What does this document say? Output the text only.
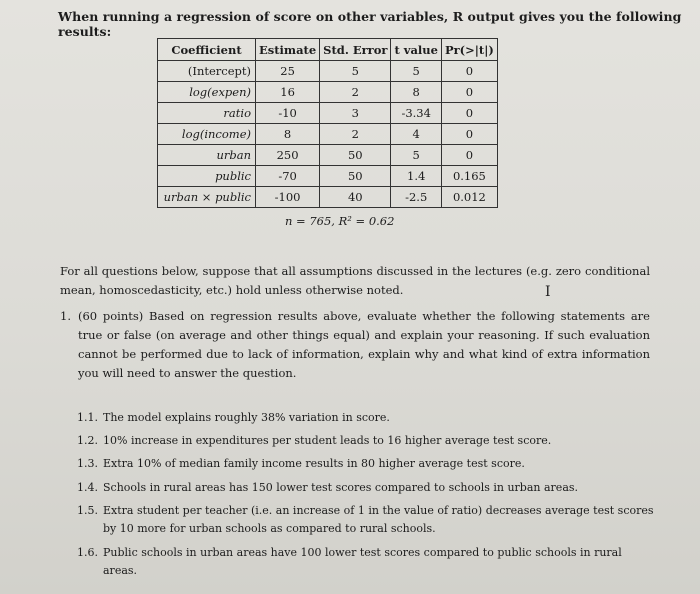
When running a regression of score on other variables, R output gives you the following results:
Coefficient	Estimate	Std. Error	t value	Pr(>|t|)
(Intercept)	25	5	5	0
log(expen)	16	2	8	0
ratio	-10	3	-3.34	0
log(income)	8	2	4	0
urban	250	50	5	0
public	-70	50	1.4	0.165
urban × public	-100	40	-2.5	0.012
n = 765, R² = 0.62
For all questions below, suppose that all assumptions discussed in the lectures (e.g. zero conditional mean, homoscedasticity, etc.) hold unless otherwise noted.	I
1. (60 points) Based on regression results above, evaluate whether the following statements are true or false (on average and other things equal) and explain your reasoning. If such evaluation cannot be performed due to lack of information, explain why and what kind of extra information you will need to answer the question.
1.1. The model explains roughly 38% variation in score.
1.2. 10% increase in expenditures per student leads to 16 higher average test score.
1.3. Extra 10% of median family income results in 80 higher average test score.
1.4. Schools in rural areas has 150 lower test scores compared to schools in urban areas.
1.5. Extra student per teacher (i.e. an increase of 1 in the value of ratio) decreases average test scores by 10 more for urban schools as compared to rural schools.
1.6. Public schools in urban areas have 100 lower test scores compared to public schools in rural areas.
